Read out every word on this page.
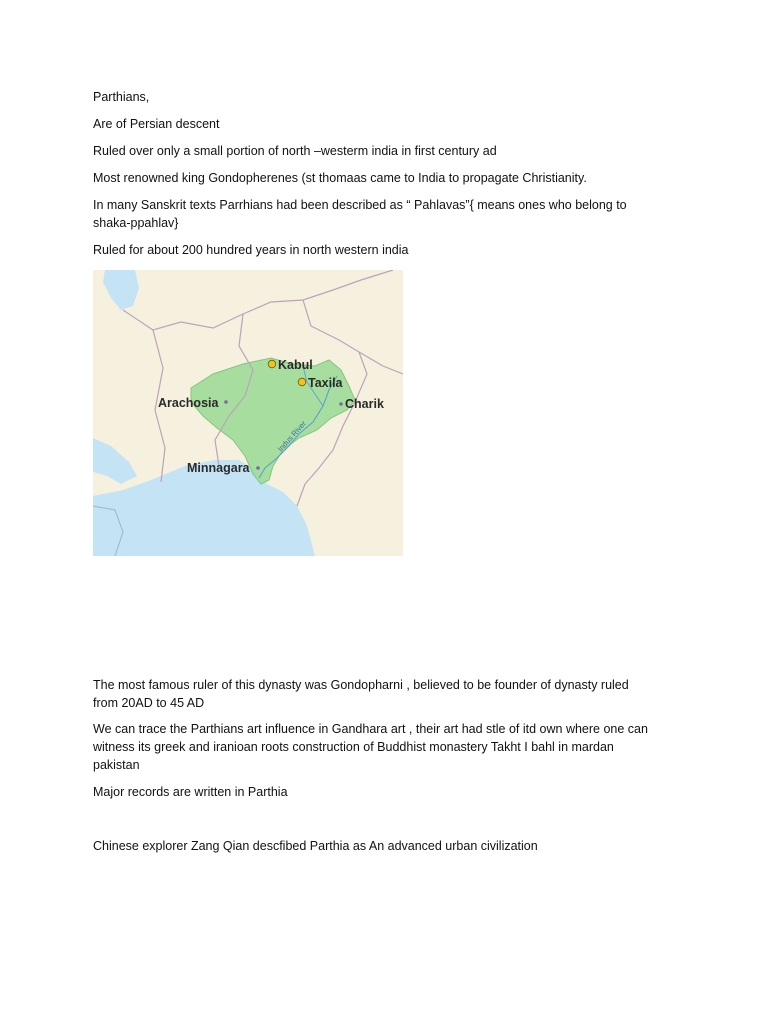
Parthians,

Are of Persian descent

Ruled over only a small portion of north –westerm india in first century ad

Most renowned king Gondopherenes (st thomaas came to India to propagate Christianity.

In many Sanskrit texts Parrhians had been described as “ Pahlavas”{ means ones who belong to
shaka-ppahlav}

Ruled for about 200 hundred years in north western india

Indus River
Kabul
Taxila
Arachosia	Charik
Minnagara
The most famous ruler of this dynasty was Gondopharni , believed to be founder of dynasty ruled
from 20AD to 45 AD
We can trace the Parthians art influence in Gandhara art , their art had stle of itd own where one can
witness its greek and iranioan roots construction of Buddhist monastery Takht I bahl in mardan
pakistan

Major records are written in Parthia

Chinese explorer Zang Qian descfibed Parthia as An advanced urban civilization
